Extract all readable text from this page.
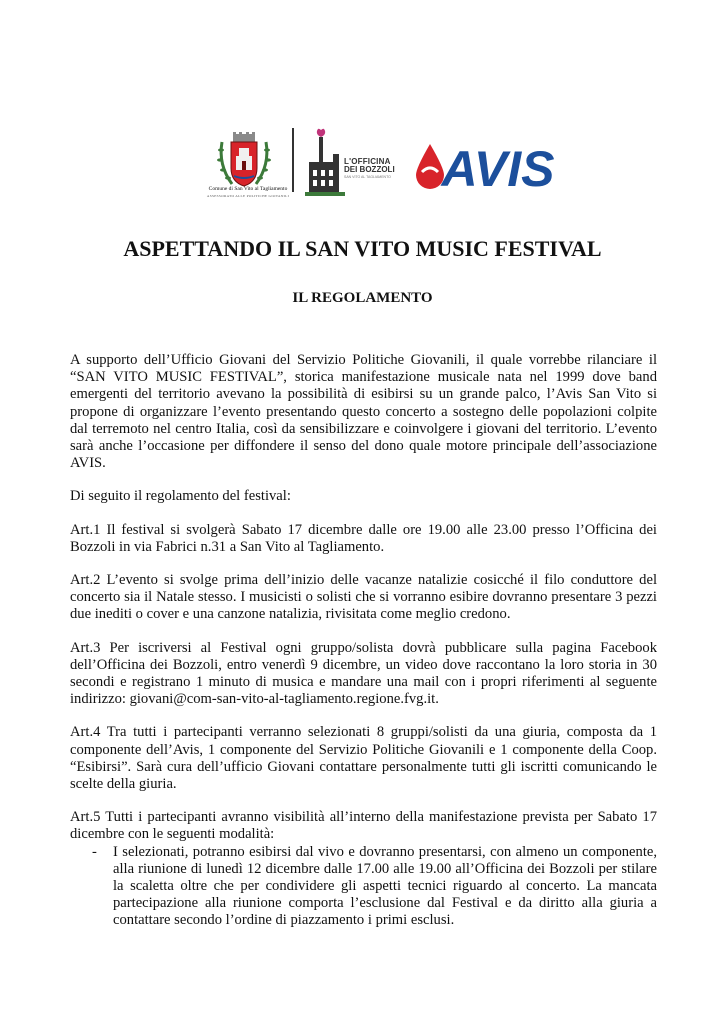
Comune di San Vito al Tagliamento
ASSESSORATO ALLE POLITICHE GIOVANILI
L'OFFICINA
DEI BOZZOLI
SAN VITO AL TAGLIAMENTO AVIS
ASPETTANDO IL SAN VITO MUSIC FESTIVAL
IL REGOLAMENTO

A supporto dell’Ufficio Giovani del Servizio Politiche Giovanili, il quale vorrebbe rilanciare il “SAN VITO MUSIC FESTIVAL”, storica manifestazione musicale nata nel 1999 dove band emergenti del territorio avevano la possibilità di esibirsi su un grande palco, l’Avis San Vito si propone di organizzare l’evento presentando questo concerto a sostegno delle popolazioni colpite dal terremoto nel centro Italia, così da sensibilizzare e coinvolgere i giovani del territorio. L’evento sarà anche l’occasione per diffondere il senso del dono quale motore principale dell’associazione AVIS.

Di seguito il regolamento del festival:

Art.1 Il festival si svolgerà Sabato 17 dicembre dalle ore 19.00 alle 23.00 presso l’Officina dei Bozzoli in via Fabrici n.31 a San Vito al Tagliamento.

Art.2 L’evento si svolge prima dell’inizio delle vacanze natalizie cosicché il filo conduttore del concerto sia il Natale stesso. I musicisti o solisti che si vorranno esibire dovranno presentare 3 pezzi due inediti o cover e una canzone natalizia, rivisitata come meglio credono.

Art.3 Per iscriversi al Festival ogni gruppo/solista dovrà pubblicare sulla pagina Facebook dell’Officina dei Bozzoli, entro venerdì 9 dicembre, un video dove raccontano la loro storia in 30 secondi e registrano 1 minuto di musica e mandare una mail con i propri riferimenti al seguente indirizzo: giovani@com-san-vito-al-tagliamento.regione.fvg.it.

Art.4 Tra tutti i partecipanti verranno selezionati 8 gruppi/solisti da una giuria, composta da 1 componente dell’Avis, 1 componente del Servizio Politiche Giovanili e 1 componente della Coop. “Esibirsi”. Sarà cura dell’ufficio Giovani contattare personalmente tutti gli iscritti comunicando le scelte della giuria.

Art.5 Tutti i partecipanti avranno visibilità all’interno della manifestazione prevista per Sabato 17 dicembre con le seguenti modalità:

- I selezionati, potranno esibirsi dal vivo e dovranno presentarsi, con almeno un componente, alla riunione di lunedì 12 dicembre dalle 17.00 alle 19.00 all’Officina dei Bozzoli per stilare la scaletta oltre che per condividere gli aspetti tecnici riguardo al concerto. La mancata partecipazione alla riunione comporta l’esclusione dal Festival e da diritto alla giuria a contattare secondo l’ordine di piazzamento i primi esclusi.
